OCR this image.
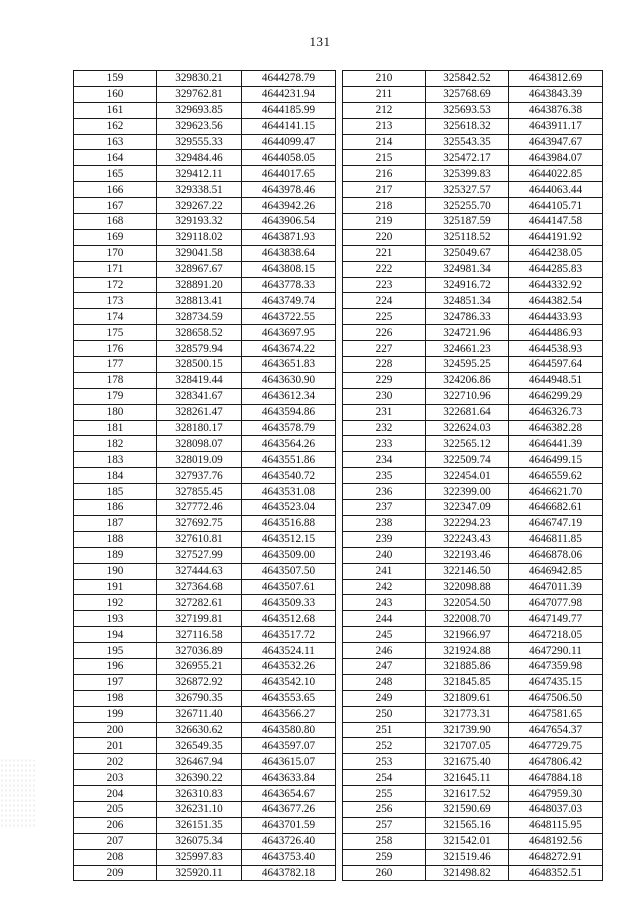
131
159	329830.21	4644278.79
160	329762.81	4644231.94
161	329693.85	4644185.99
162	329623.56	4644141.15
163	329555.33	4644099.47
164	329484.46	4644058.05
165	329412.11	4644017.65
166	329338.51	4643978.46
167	329267.22	4643942.26
168	329193.32	4643906.54
169	329118.02	4643871.93
170	329041.58	4643838.64
171	328967.67	4643808.15
172	328891.20	4643778.33
173	328813.41	4643749.74
174	328734.59	4643722.55
175	328658.52	4643697.95
176	328579.94	4643674.22
177	328500.15	4643651.83
178	328419.44	4643630.90
179	328341.67	4643612.34
180	328261.47	4643594.86
181	328180.17	4643578.79
182	328098.07	4643564.26
183	328019.09	4643551.86
184	327937.76	4643540.72
185	327855.45	4643531.08
186	327772.46	4643523.04
187	327692.75	4643516.88
188	327610.81	4643512.15
189	327527.99	4643509.00
190	327444.63	4643507.50
191	327364.68	4643507.61
192	327282.61	4643509.33
193	327199.81	4643512.68
194	327116.58	4643517.72
195	327036.89	4643524.11
196	326955.21	4643532.26
197	326872.92	4643542.10
198	326790.35	4643553.65
199	326711.40	4643566.27
200	326630.62	4643580.80
201	326549.35	4643597.07
202	326467.94	4643615.07
203	326390.22	4643633.84
204	326310.83	4643654.67
205	326231.10	4643677.26
206	326151.35	4643701.59
207	326075.34	4643726.40
208	325997.83	4643753.40
209	325920.11	4643782.18
210	325842.52	4643812.69
211	325768.69	4643843.39
212	325693.53	4643876.38
213	325618.32	4643911.17
214	325543.35	4643947.67
215	325472.17	4643984.07
216	325399.83	4644022.85
217	325327.57	4644063.44
218	325255.70	4644105.71
219	325187.59	4644147.58
220	325118.52	4644191.92
221	325049.67	4644238.05
222	324981.34	4644285.83
223	324916.72	4644332.92
224	324851.34	4644382.54
225	324786.33	4644433.93
226	324721.96	4644486.93
227	324661.23	4644538.93
228	324595.25	4644597.64
229	324206.86	4644948.51
230	322710.96	4646299.29
231	322681.64	4646326.73
232	322624.03	4646382.28
233	322565.12	4646441.39
234	322509.74	4646499.15
235	322454.01	4646559.62
236	322399.00	4646621.70
237	322347.09	4646682.61
238	322294.23	4646747.19
239	322243.43	4646811.85
240	322193.46	4646878.06
241	322146.50	4646942.85
242	322098.88	4647011.39
243	322054.50	4647077.98
244	322008.70	4647149.77
245	321966.97	4647218.05
246	321924.88	4647290.11
247	321885.86	4647359.98
248	321845.85	4647435.15
249	321809.61	4647506.50
250	321773.31	4647581.65
251	321739.90	4647654.37
252	321707.05	4647729.75
253	321675.40	4647806.42
254	321645.11	4647884.18
255	321617.52	4647959.30
256	321590.69	4648037.03
257	321565.16	4648115.95
258	321542.01	4648192.56
259	321519.46	4648272.91
260	321498.82	4648352.51
